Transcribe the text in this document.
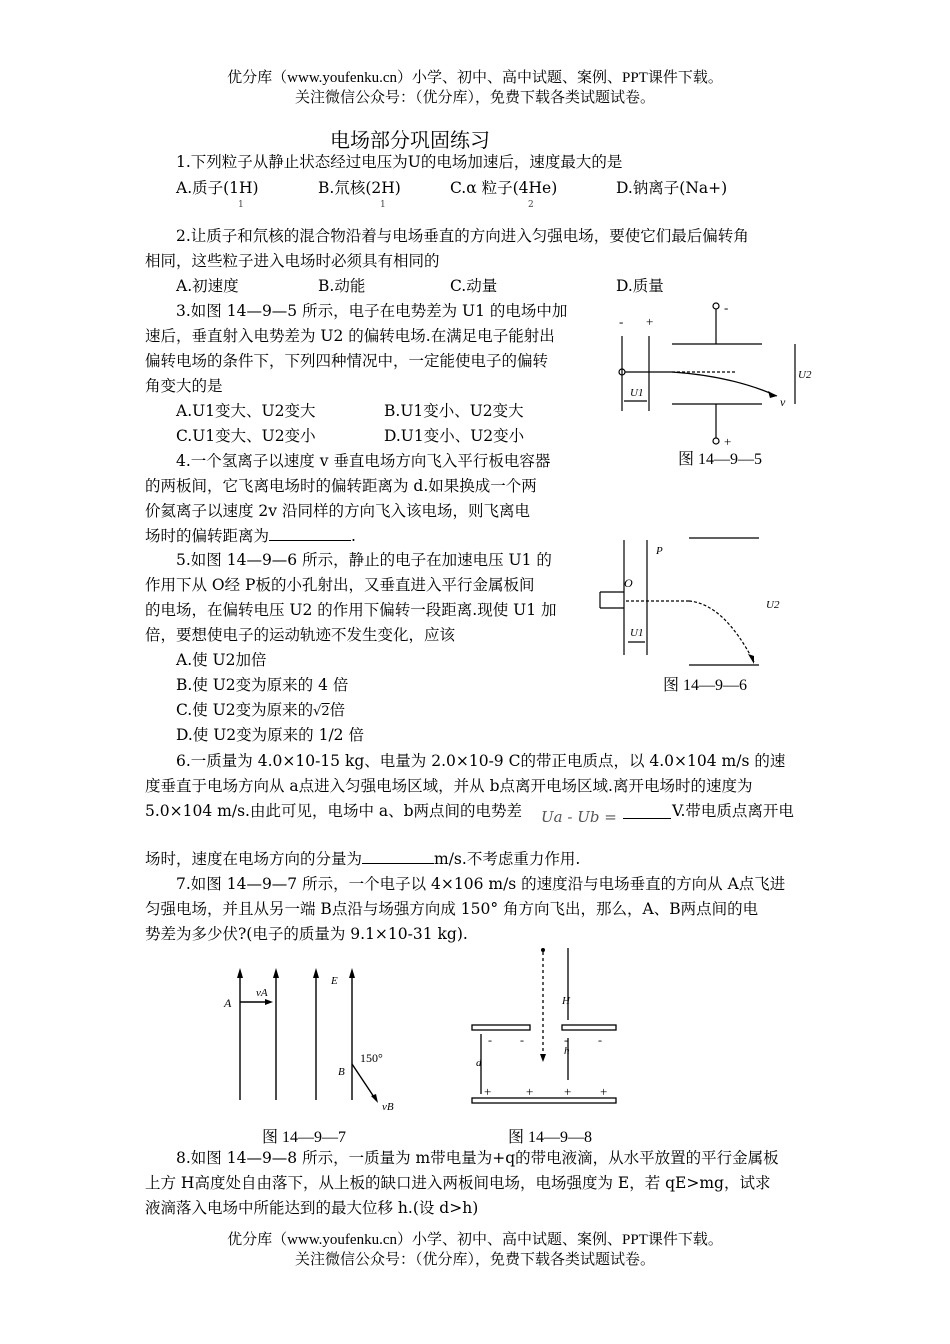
优分库（www.youfenku.cn）小学、初中、高中试题、案例、PPT课件下载。
关注微信公众号：（优分库），免费下载各类试题试卷。
电场部分巩固练习
1.下列粒子从静止状态经过电压为U的电场加速后，速度最大的是
A.质子(1H)	B.氘核(2H)	C.α 粒子(4He)	D.钠离子(Na+)
1	1	2
2.让质子和氘核的混合物沿着与电场垂直的方向进入匀强电场，要使它们最后偏转角
相同，这些粒子进入电场时必须具有相同的
A.初速度	B.动能	C.动量	D.质量
3.如图 14—9—5 所示，电子在电势差为 U1 的电场中加
速后，垂直射入电势差为 U2 的偏转电场.在满足电子能射出
偏转电场的条件下，下列四种情况中，一定能使电子的偏转
角变大的是
A.U1变大、U2变大	B.U1变小、U2变大
C.U1变大、U2变小	D.U1变小、U2变小
4.一个氢离子以速度 v 垂直电场方向飞入平行板电容器
的两板间，它飞离电场时的偏转距离为 d.如果换成一个两
价氦离子以速度 2v 沿同样的方向飞入该电场，则飞离电
场时的偏转距离为	.
5.如图 14—9—6 所示，静止的电子在加速电压 U1 的
作用下从 O经 P板的小孔射出，又垂直进入平行金属板间
的电场，在偏转电压 U2 的作用下偏转一段距离.现使 U1 加
倍，要想使电子的运动轨迹不发生变化，应该
A.使 U2加倍
B.使 U2变为原来的 4 倍
C.使 U2变为原来的√2倍
D.使 U2变为原来的 1/2 倍
6.一质量为 4.0×10-15 kg、电量为 2.0×10-9 C的带正电质点，以 4.0×104 m/s 的速
度垂直于电场方向从 a点进入匀强电场区域，并从 b点离开电场区域.离开电场时的速度为
5.0×104 m/s.由此可见，电场中 a、b两点间的电势差 Ua - Ub =	V.带电质点离开电
场时，速度在电场方向的分量为	m/s.不考虑重力作用.
7.如图 14—9—7 所示，一个电子以 4×106 m/s 的速度沿与电场垂直的方向从 A点飞进
匀强电场，并且从另一端 B点沿与场强方向成 150° 角方向飞出，那么，A、B两点间的电
势差为多少伏?(电子的质量为 9.1×10-31 kg).
- +
-
+
U1
U2
v
图 14—9—5
P
O
U1
U2
图 14—9—6
A
vA
E
B
150°
vB
图 14—9—7
H
h
d
- -	-	-
+	+ + +
图 14—9—8
8.如图 14—9—8 所示，一质量为 m带电量为+q的带电液滴，从水平放置的平行金属板
上方 H高度处自由落下，从上板的缺口进入两板间电场，电场强度为 E，若 qE>mg，试求
液滴落入电场中所能达到的最大位移 h.(设 d>h)
优分库（www.youfenku.cn）小学、初中、高中试题、案例、PPT课件下载。
关注微信公众号：（优分库），免费下载各类试题试卷。
